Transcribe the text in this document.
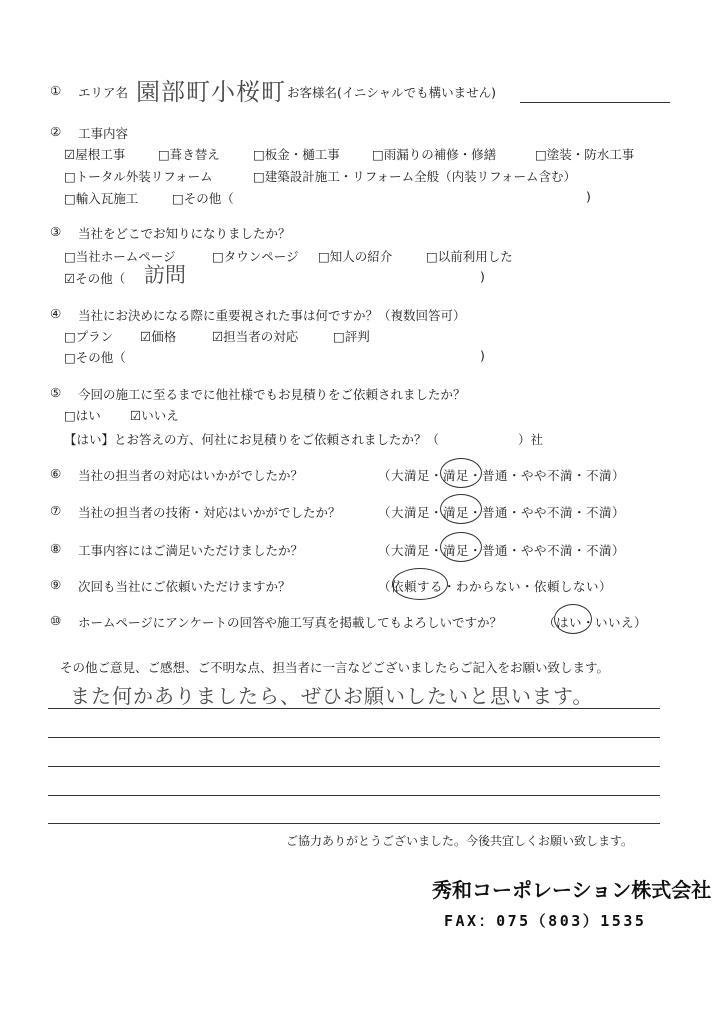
① エリア名 園部町小桜町 お客様名(イニシャルでも構いません)
② 工事内容
☑屋根工事	□葺き替え	□板金・樋工事	□雨漏りの補修・修繕	□塗装・防水工事
□トータル外装リフォーム	□建築設計施工・リフォーム全般（内装リフォーム含む）
□輸入瓦施工	□その他（	)
③ 当社をどこでお知りになりましたか？
□当社ホームページ	□タウンページ □知人の紹介	□以前利用した
☑その他（ 訪問	)
④ 当社にお決めになる際に重要視された事は何ですか？（複数回答可）
□プラン ☑価格	☑担当者の対応	□評判
□その他（	)
⑤ 今回の施工に至るまでに他社様でもお見積りをご依頼されましたか？
□はい ☑いいえ
【はい】とお答えの方、何社にお見積りをご依頼されましたか？（	）社
⑥ 当社の担当者の対応はいかがでしたか？	（大満足・満足・普通・やや不満・不満）
⑦ 当社の担当者の技術・対応はいかがでしたか？	（大満足・満足・普通・やや不満・不満）
⑧ 工事内容にはご満足いただけましたか？	（大満足・満足・普通・やや不満・不満）
⑨ 次回も当社にご依頼いただけますか？	（依頼する・わからない・依頼しない）
⑩ ホームページにアンケートの回答や施工写真を掲載してもよろしいですか？	（はい・いいえ）
その他ご意見、ご感想、ご不明な点、担当者に一言などございましたらご記入をお願い致します。
また何かありましたら、ぜひお願いしたいと思います。
ご協力ありがとうございました。今後共宜しくお願い致します。
秀和コーポレーション株式会社
FAX：075（803）1535
